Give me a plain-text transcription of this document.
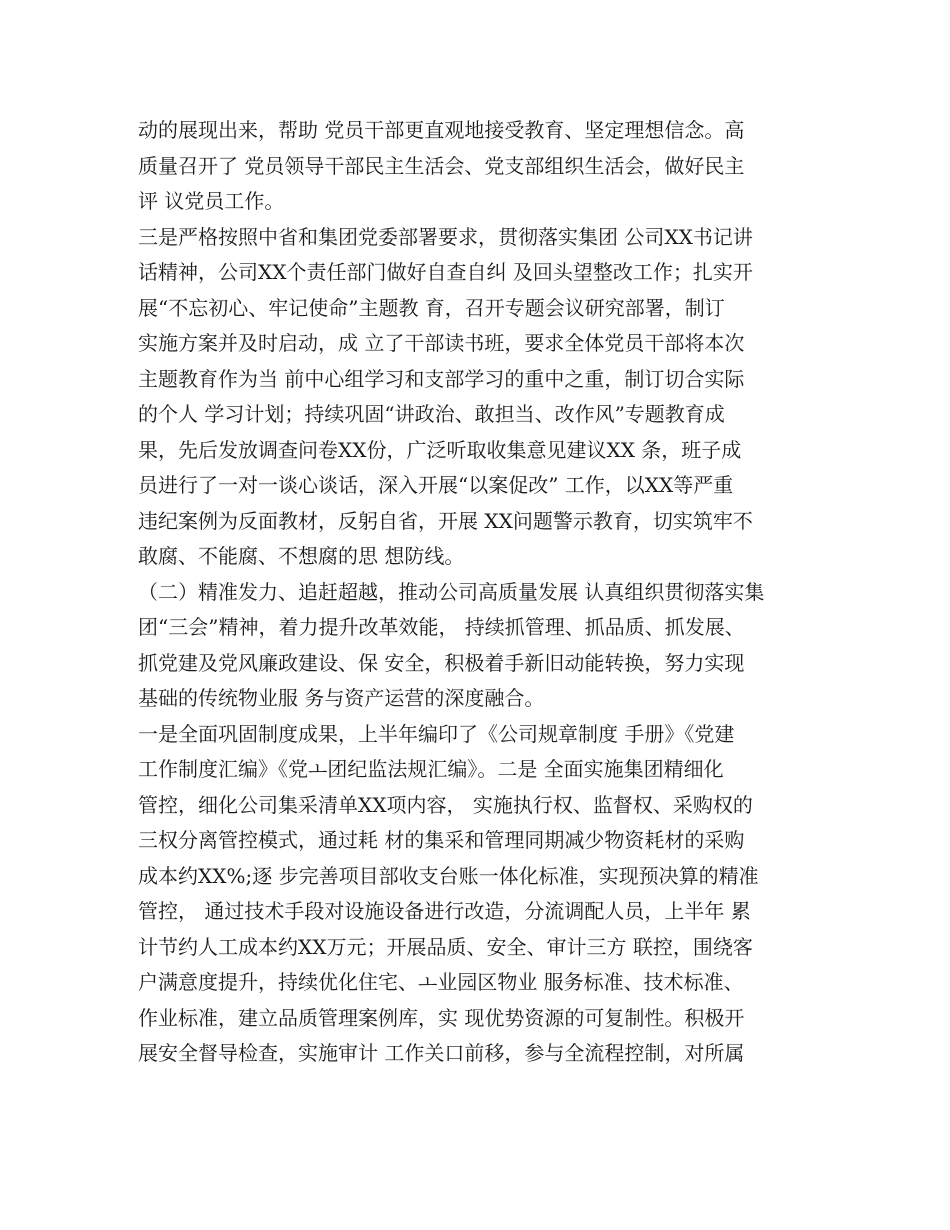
动的展现出来，帮助 党员干部更直观地接受教育、坚定理想信念。高
质量召开了 党员领导干部民主生活会、党支部组织生活会，做好民主
评 议党员工作。
三是严格按照中省和集团党委部署要求，贯彻落实集团 公司XX书记讲
话精神，公司XX个责任部门做好自查自纠 及回头望整改工作；扎实开
展“不忘初心、牢记使命”主题教 育，召开专题会议研究部署，制订
实施方案并及时启动，成 立了干部读书班，要求全体党员干部将本次
主题教育作为当 前中心组学习和支部学习的重中之重，制订切合实际
的个人 学习计划；持续巩固“讲政治、敢担当、改作风”专题教育成
果，先后发放调查问卷XX份，广泛听取收集意见建议XX 条，班子成
员进行了一对一谈心谈话，深入开展“以案促改” 工作，以XX等严重
违纪案例为反面教材，反躬自省，开展 XX问题警示教育，切实筑牢不
敢腐、不能腐、不想腐的思 想防线。
（二）精准发力、追赶超越，推动公司高质量发展 认真组织贯彻落实集
团“三会”精神，着力提升改革效能， 持续抓管理、抓品质、抓发展、
抓党建及党风廉政建设、保 安全，积极着手新旧动能转换，努力实现
基础的传统物业服 务与资产运营的深度融合。
一是全面巩固制度成果，上半年编印了《公司规章制度 手册》《党建
工作制度汇编》《党ㅗ团纪监法规汇编》。二是 全面实施集团精细化
管控，细化公司集采清单XX项内容， 实施执行权、监督权、采购权的
三权分离管控模式，通过耗 材的集采和管理同期减少物资耗材的采购
成本约XX%;逐 步完善项目部收支台账一体化标准，实现预决算的精准
管控， 通过技术手段对设施设备进行改造，分流调配人员，上半年 累
计节约人工成本约XX万元；开展品质、安全、审计三方 联控，围绕客
户满意度提升，持续优化住宅、ㅗ业园区物业 服务标准、技术标准、
作业标准，建立品质管理案例库，实 现优势资源的可复制性。积极开
展安全督导检查，实施审计 工作关口前移，参与全流程控制，对所属
